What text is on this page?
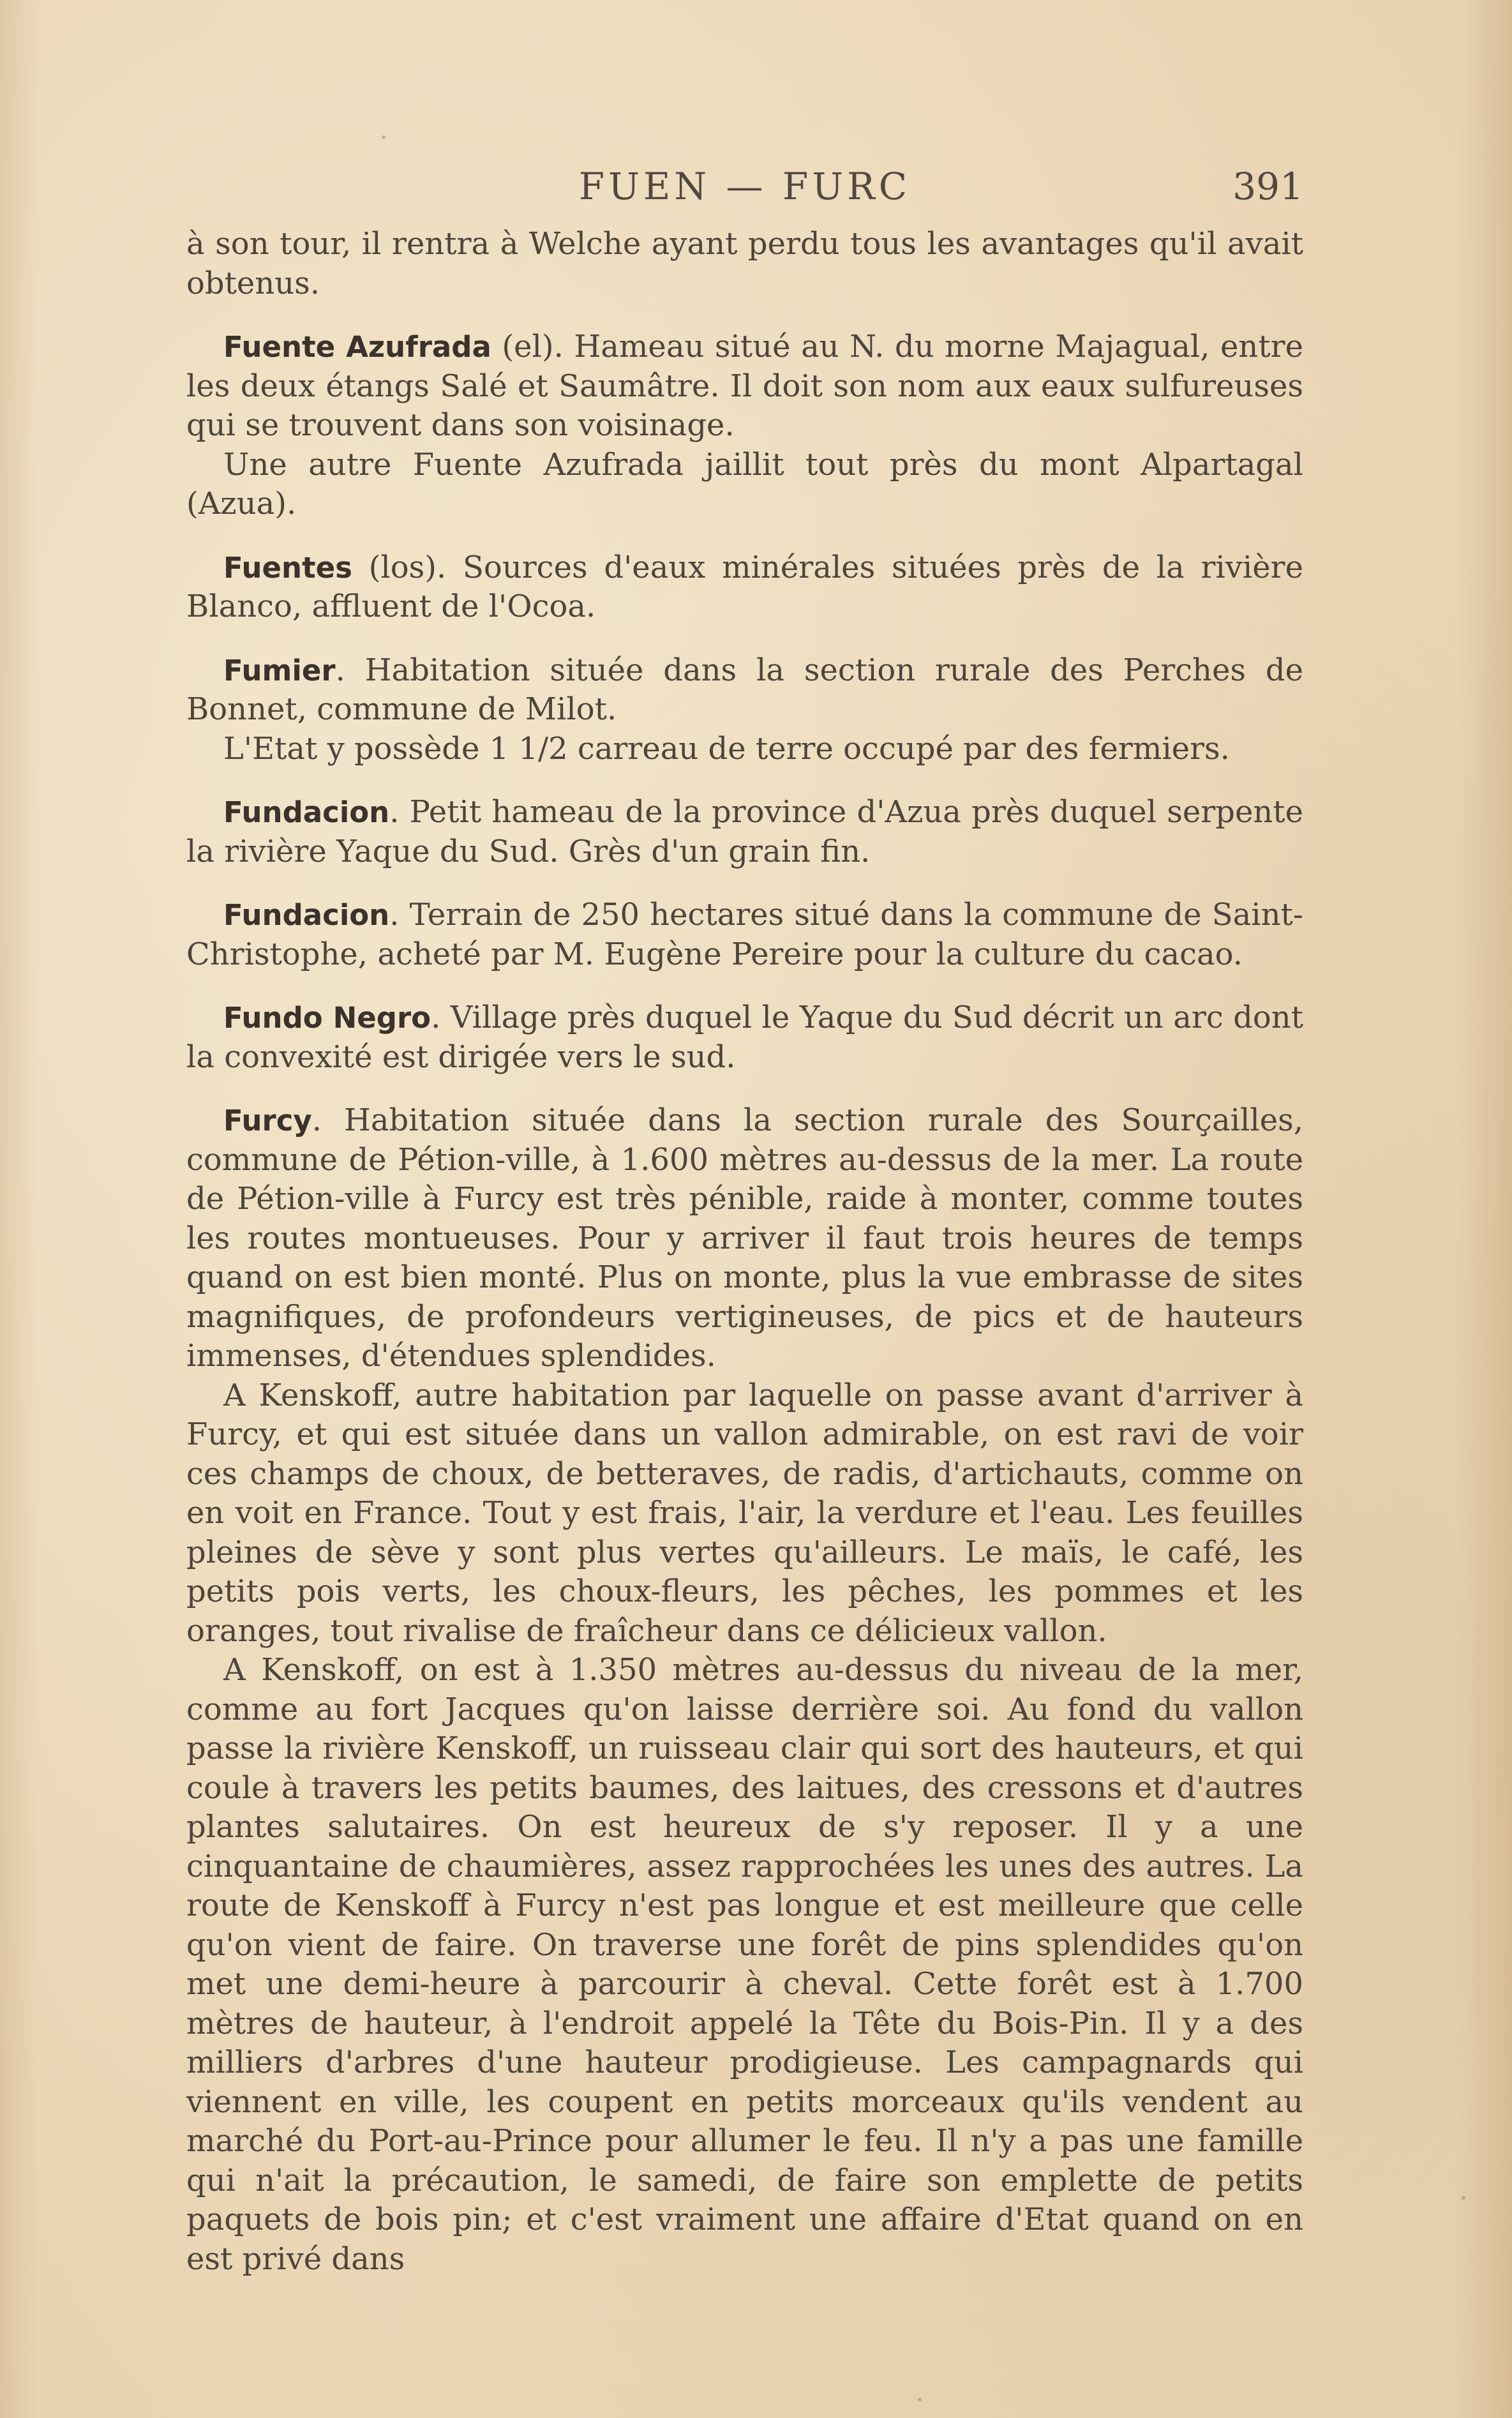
FUEN — FURC	391

à son tour, il rentra à Welche ayant perdu tous les avantages qu'il avait obtenus.

Fuente Azufrada (el). Hameau situé au N. du morne Majagual, entre les deux étangs Salé et Saumâtre. Il doit son nom aux eaux sulfureuses qui se trouvent dans son voisinage.

Une autre Fuente Azufrada jaillit tout près du mont Alpartagal (Azua).

Fuentes (los). Sources d'eaux minérales situées près de la rivière Blanco, affluent de l'Ocoa.

Fumier. Habitation située dans la section rurale des Perches de Bonnet, commune de Milot.

L'Etat y possède 1 1/2 carreau de terre occupé par des fermiers.

Fundacion. Petit hameau de la province d'Azua près duquel serpente la rivière Yaque du Sud. Grès d'un grain fin.

Fundacion. Terrain de 250 hectares situé dans la commune de Saint-Christophe, acheté par M. Eugène Pereire pour la culture du cacao.

Fundo Negro. Village près duquel le Yaque du Sud décrit un arc dont la convexité est dirigée vers le sud.

Furcy. Habitation située dans la section rurale des Sourçailles, commune de Pétion-ville, à 1.600 mètres au-dessus de la mer. La route de Pétion-ville à Furcy est très pénible, raide à monter, comme toutes les routes montueuses. Pour y arriver il faut trois heures de temps quand on est bien monté. Plus on monte, plus la vue embrasse de sites magnifiques, de profondeurs vertigineuses, de pics et de hauteurs immenses, d'étendues splendides.

A Kenskoff, autre habitation par laquelle on passe avant d'arriver à Furcy, et qui est située dans un vallon admirable, on est ravi de voir ces champs de choux, de betteraves, de radis, d'artichauts, comme on en voit en France. Tout y est frais, l'air, la verdure et l'eau. Les feuilles pleines de sève y sont plus vertes qu'ailleurs. Le maïs, le café, les petits pois verts, les choux-fleurs, les pêches, les pommes et les oranges, tout rivalise de fraîcheur dans ce délicieux vallon.

A Kenskoff, on est à 1.350 mètres au-dessus du niveau de la mer, comme au fort Jacques qu'on laisse derrière soi. Au fond du vallon passe la rivière Kenskoff, un ruisseau clair qui sort des hauteurs, et qui coule à travers les petits baumes, des laitues, des cressons et d'autres plantes salutaires. On est heureux de s'y reposer. Il y a une cinquantaine de chaumières, assez rapprochées les unes des autres. La route de Kenskoff à Furcy n'est pas longue et est meilleure que celle qu'on vient de faire. On traverse une forêt de pins splendides qu'on met une demi-heure à parcourir à cheval. Cette forêt est à 1.700 mètres de hauteur, à l'endroit appelé la Tête du Bois-Pin. Il y a des milliers d'arbres d'une hauteur prodigieuse. Les campagnards qui viennent en ville, les coupent en petits morceaux qu'ils vendent au marché du Port-au-Prince pour allumer le feu. Il n'y a pas une famille qui n'ait la précaution, le samedi, de faire son emplette de petits paquets de bois pin; et c'est vraiment une affaire d'Etat quand on en est privé dans
